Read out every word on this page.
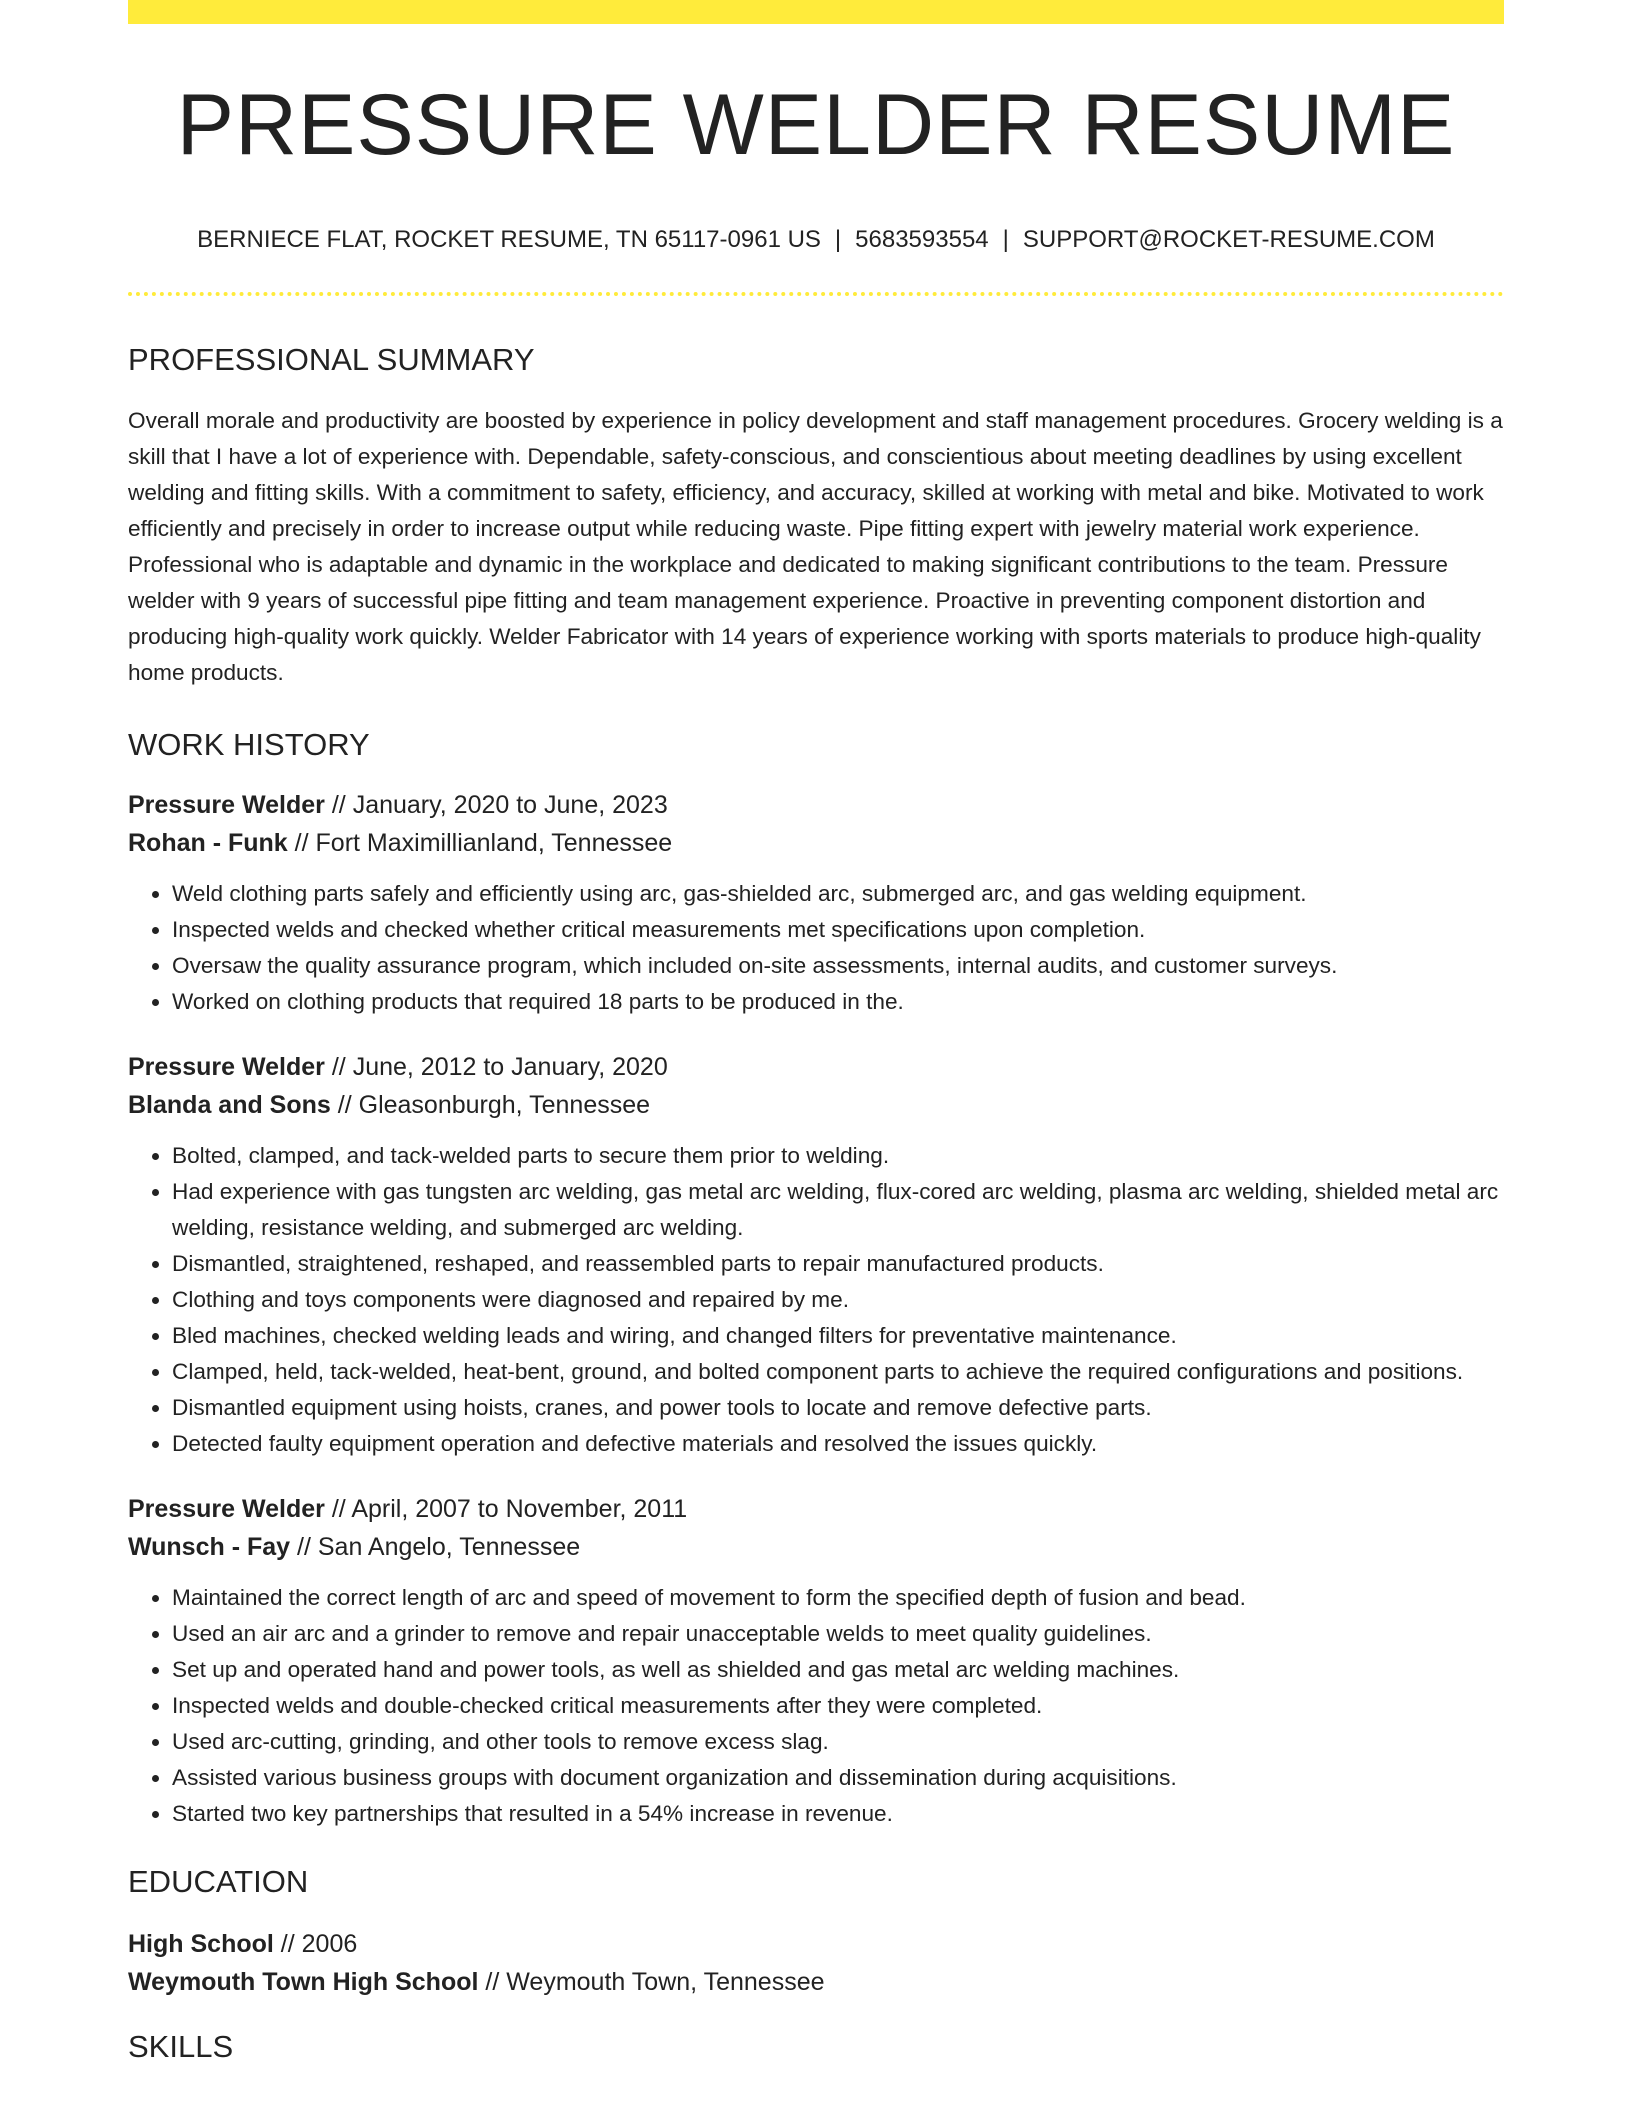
PRESSURE WELDER RESUME
BERNIECE FLAT, ROCKET RESUME, TN 65117-0961 US | 5683593554 | SUPPORT@ROCKET-RESUME.COM
PROFESSIONAL SUMMARY

Overall morale and productivity are boosted by experience in policy development and staff management procedures. Grocery welding is a skill that I have a lot of experience with. Dependable, safety-conscious, and conscientious about meeting deadlines by using excellent welding and fitting skills. With a commitment to safety, efficiency, and accuracy, skilled at working with metal and bike. Motivated to work efficiently and precisely in order to increase output while reducing waste. Pipe fitting expert with jewelry material work experience. Professional who is adaptable and dynamic in the workplace and dedicated to making significant contributions to the team. Pressure welder with 9 years of successful pipe fitting and team management experience. Proactive in preventing component distortion and producing high-quality work quickly. Welder Fabricator with 14 years of experience working with sports materials to produce high-quality home products.

WORK HISTORY
Pressure Welder // January, 2020 to June, 2023
Rohan - Funk // Fort Maximillianland, Tennessee
• Weld clothing parts safely and efficiently using arc, gas-shielded arc, submerged arc, and gas welding equipment.
• Inspected welds and checked whether critical measurements met specifications upon completion.
• Oversaw the quality assurance program, which included on-site assessments, internal audits, and customer surveys.
• Worked on clothing products that required 18 parts to be produced in the.
Pressure Welder // June, 2012 to January, 2020
Blanda and Sons // Gleasonburgh, Tennessee
• Bolted, clamped, and tack-welded parts to secure them prior to welding.
• Had experience with gas tungsten arc welding, gas metal arc welding, flux-cored arc welding, plasma arc welding, shielded metal arc welding, resistance welding, and submerged arc welding.
• Dismantled, straightened, reshaped, and reassembled parts to repair manufactured products.
• Clothing and toys components were diagnosed and repaired by me.
• Bled machines, checked welding leads and wiring, and changed filters for preventative maintenance.
• Clamped, held, tack-welded, heat-bent, ground, and bolted component parts to achieve the required configurations and positions.
• Dismantled equipment using hoists, cranes, and power tools to locate and remove defective parts.
• Detected faulty equipment operation and defective materials and resolved the issues quickly.
Pressure Welder // April, 2007 to November, 2011
Wunsch - Fay // San Angelo, Tennessee
• Maintained the correct length of arc and speed of movement to form the specified depth of fusion and bead.
• Used an air arc and a grinder to remove and repair unacceptable welds to meet quality guidelines.
• Set up and operated hand and power tools, as well as shielded and gas metal arc welding machines.
• Inspected welds and double-checked critical measurements after they were completed.
• Used arc-cutting, grinding, and other tools to remove excess slag.
• Assisted various business groups with document organization and dissemination during acquisitions.
• Started two key partnerships that resulted in a 54% increase in revenue.
EDUCATION
High School // 2006
Weymouth Town High School // Weymouth Town, Tennessee
SKILLS
